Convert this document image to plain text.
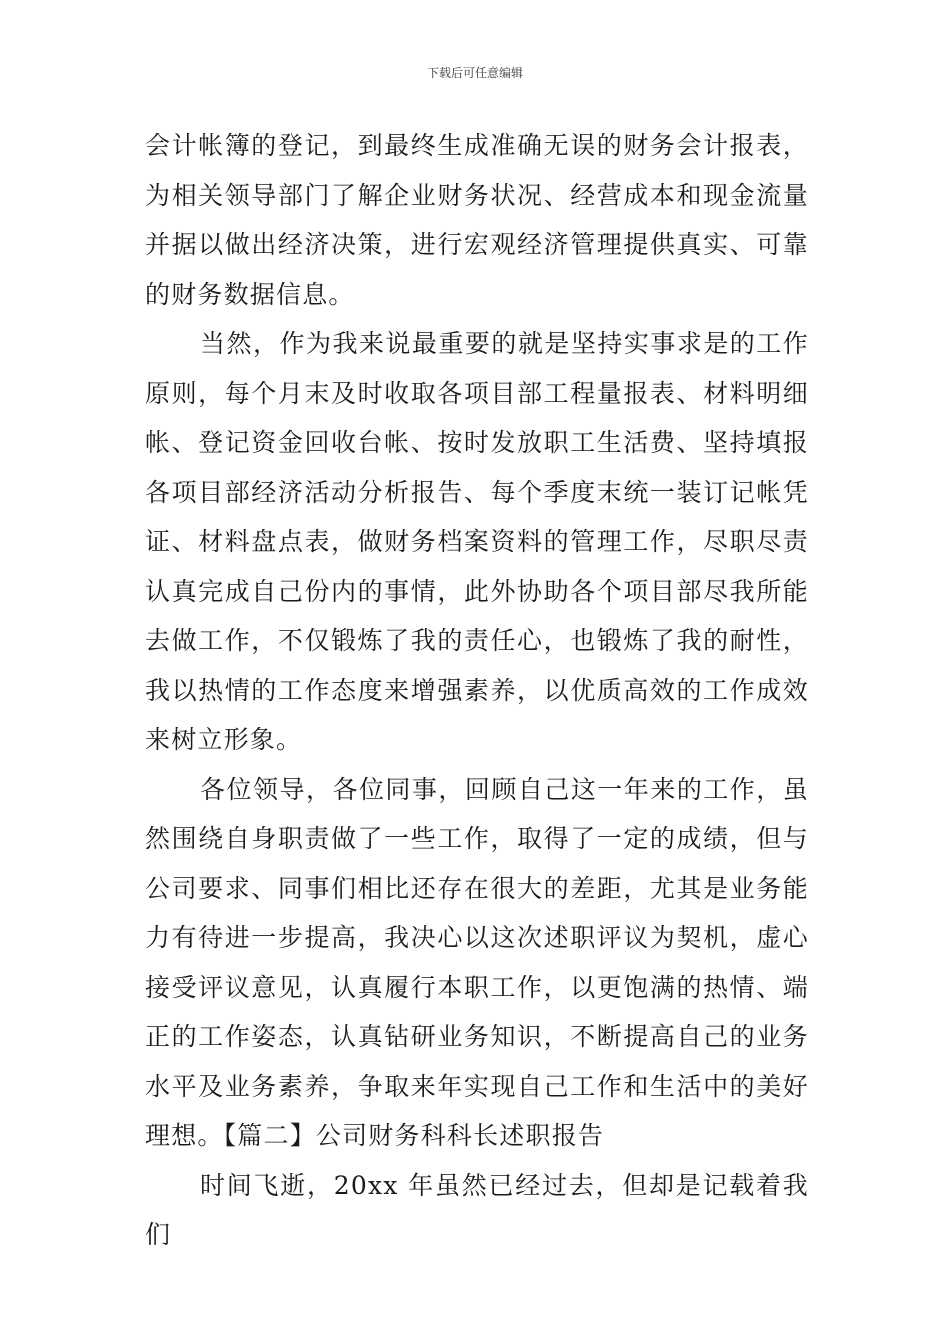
下载后可任意编辑

会计帐簿的登记，到最终生成准确无误的财务会计报表，为相关领导部门了解企业财务状况、经营成本和现金流量并据以做出经济决策，进行宏观经济管理提供真实、可靠的财务数据信息。

当然，作为我来说最重要的就是坚持实事求是的工作原则，每个月末及时收取各项目部工程量报表、材料明细帐、登记资金回收台帐、按时发放职工生活费、坚持填报各项目部经济活动分析报告、每个季度末统一装订记帐凭证、材料盘点表，做财务档案资料的管理工作，尽职尽责认真完成自己份内的事情，此外协助各个项目部尽我所能去做工作，不仅锻炼了我的责任心，也锻炼了我的耐性，我以热情的工作态度来增强素养，以优质高效的工作成效来树立形象。

各位领导，各位同事，回顾自己这一年来的工作，虽然围绕自身职责做了一些工作，取得了一定的成绩，但与公司要求、同事们相比还存在很大的差距，尤其是业务能力有待进一步提高，我决心以这次述职评议为契机，虚心接受评议意见，认真履行本职工作，以更饱满的热情、端正的工作姿态，认真钻研业务知识，不断提高自己的业务水平及业务素养，争取来年实现自己工作和生活中的美好理想。【篇二】公司财务科科长述职报告

时间飞逝，20xx 年虽然已经过去，但却是记载着我们
